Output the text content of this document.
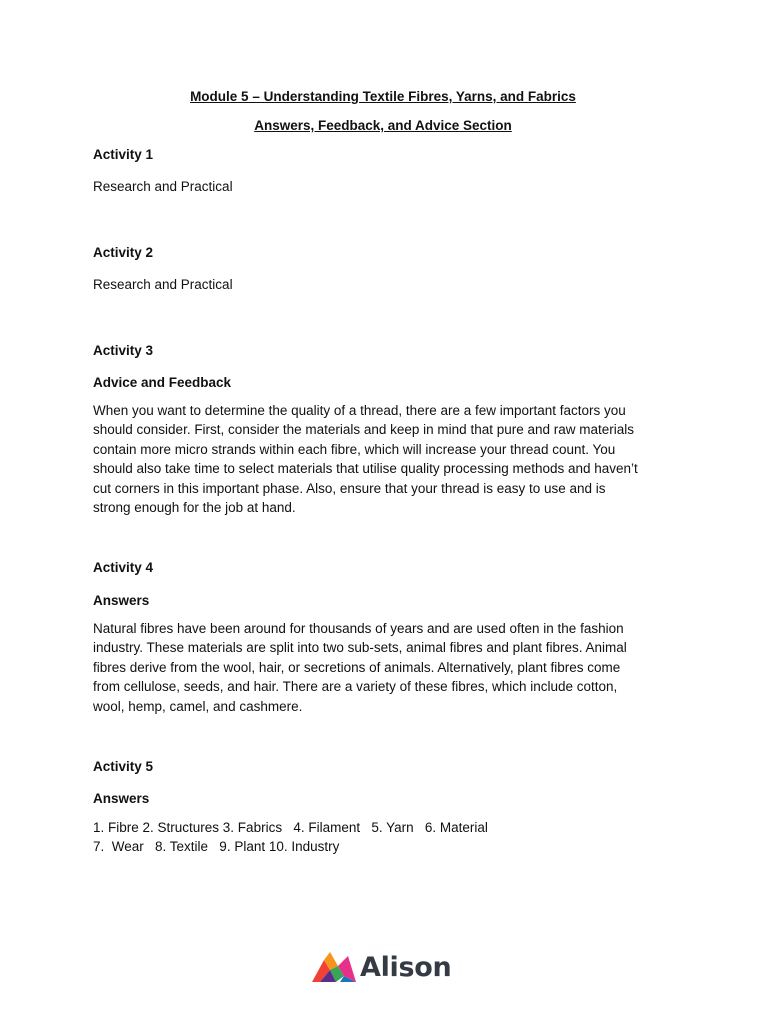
Module 5 – Understanding Textile Fibres, Yarns, and Fabrics
Answers, Feedback, and Advice Section
Activity 1
Research and Practical
Activity 2
Research and Practical
Activity 3
Advice and Feedback
When you want to determine the quality of a thread, there are a few important factors you
should consider. First, consider the materials and keep in mind that pure and raw materials
contain more micro strands within each fibre, which will increase your thread count. You
should also take time to select materials that utilise quality processing methods and haven’t
cut corners in this important phase. Also, ensure that your thread is easy to use and is
strong enough for the job at hand.
Activity 4
Answers
Natural fibres have been around for thousands of years and are used often in the fashion
industry. These materials are split into two sub-sets, animal fibres and plant fibres. Animal
fibres derive from the wool, hair, or secretions of animals. Alternatively, plant fibres come
from cellulose, seeds, and hair. There are a variety of these fibres, which include cotton,
wool, hemp, camel, and cashmere.
Activity 5
Answers
1. Fibre 2. Structures 3. Fabrics   4. Filament   5. Yarn   6. Material
7.  Wear   8. Textile   9. Plant 10. Industry
Alison
